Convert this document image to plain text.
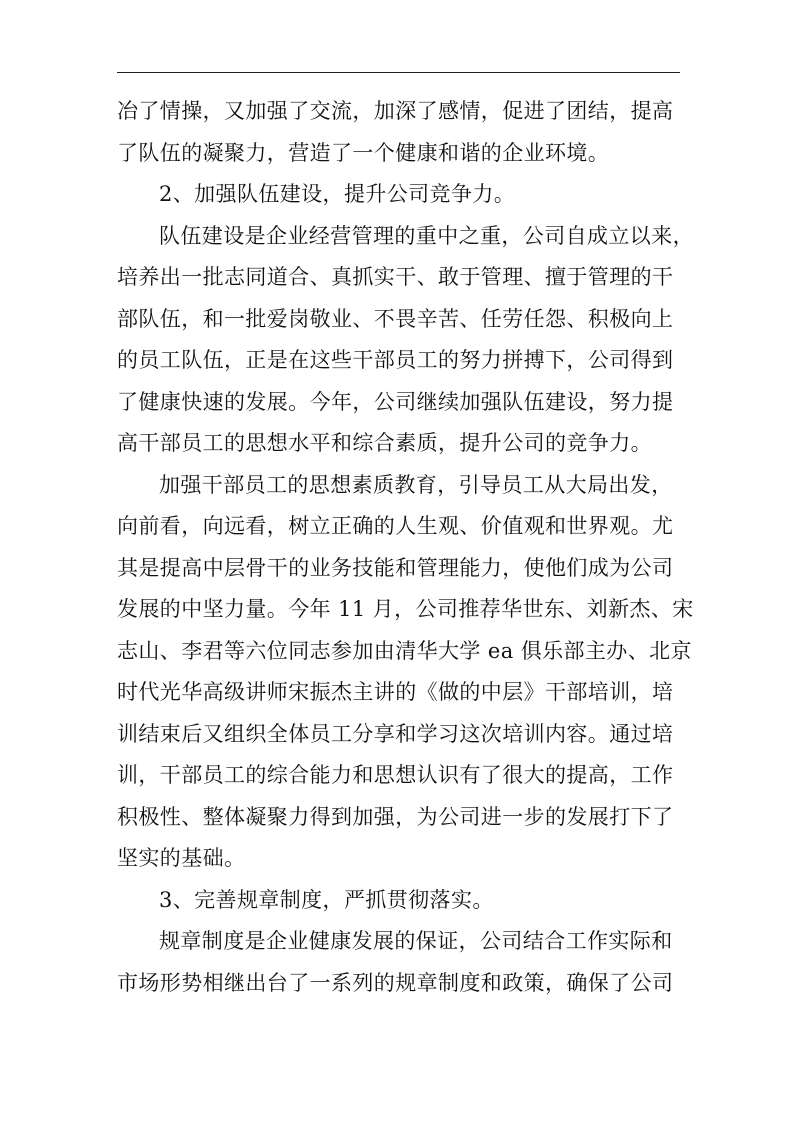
冶了情操，又加强了交流，加深了感情，促进了团结，提高
了队伍的凝聚力，营造了一个健康和谐的企业环境。
2、加强队伍建设，提升公司竞争力。
队伍建设是企业经营管理的重中之重，公司自成立以来，
培养出一批志同道合、真抓实干、敢于管理、擅于管理的干
部队伍，和一批爱岗敬业、不畏辛苦、任劳任怨、积极向上
的员工队伍，正是在这些干部员工的努力拼搏下，公司得到
了健康快速的发展。今年，公司继续加强队伍建设，努力提
高干部员工的思想水平和综合素质，提升公司的竞争力。
加强干部员工的思想素质教育，引导员工从大局出发，
向前看，向远看，树立正确的人生观、价值观和世界观。尤
其是提高中层骨干的业务技能和管理能力，使他们成为公司
发展的中坚力量。今年 11 月，公司推荐华世东、刘新杰、宋
志山、李君等六位同志参加由清华大学 ea 俱乐部主办、北京
时代光华高级讲师宋振杰主讲的《做的中层》干部培训，培
训结束后又组织全体员工分享和学习这次培训内容。通过培
训，干部员工的综合能力和思想认识有了很大的提高，工作
积极性、整体凝聚力得到加强，为公司进一步的发展打下了
坚实的基础。
3、完善规章制度，严抓贯彻落实。
规章制度是企业健康发展的保证，公司结合工作实际和
市场形势相继出台了一系列的规章制度和政策，确保了公司
